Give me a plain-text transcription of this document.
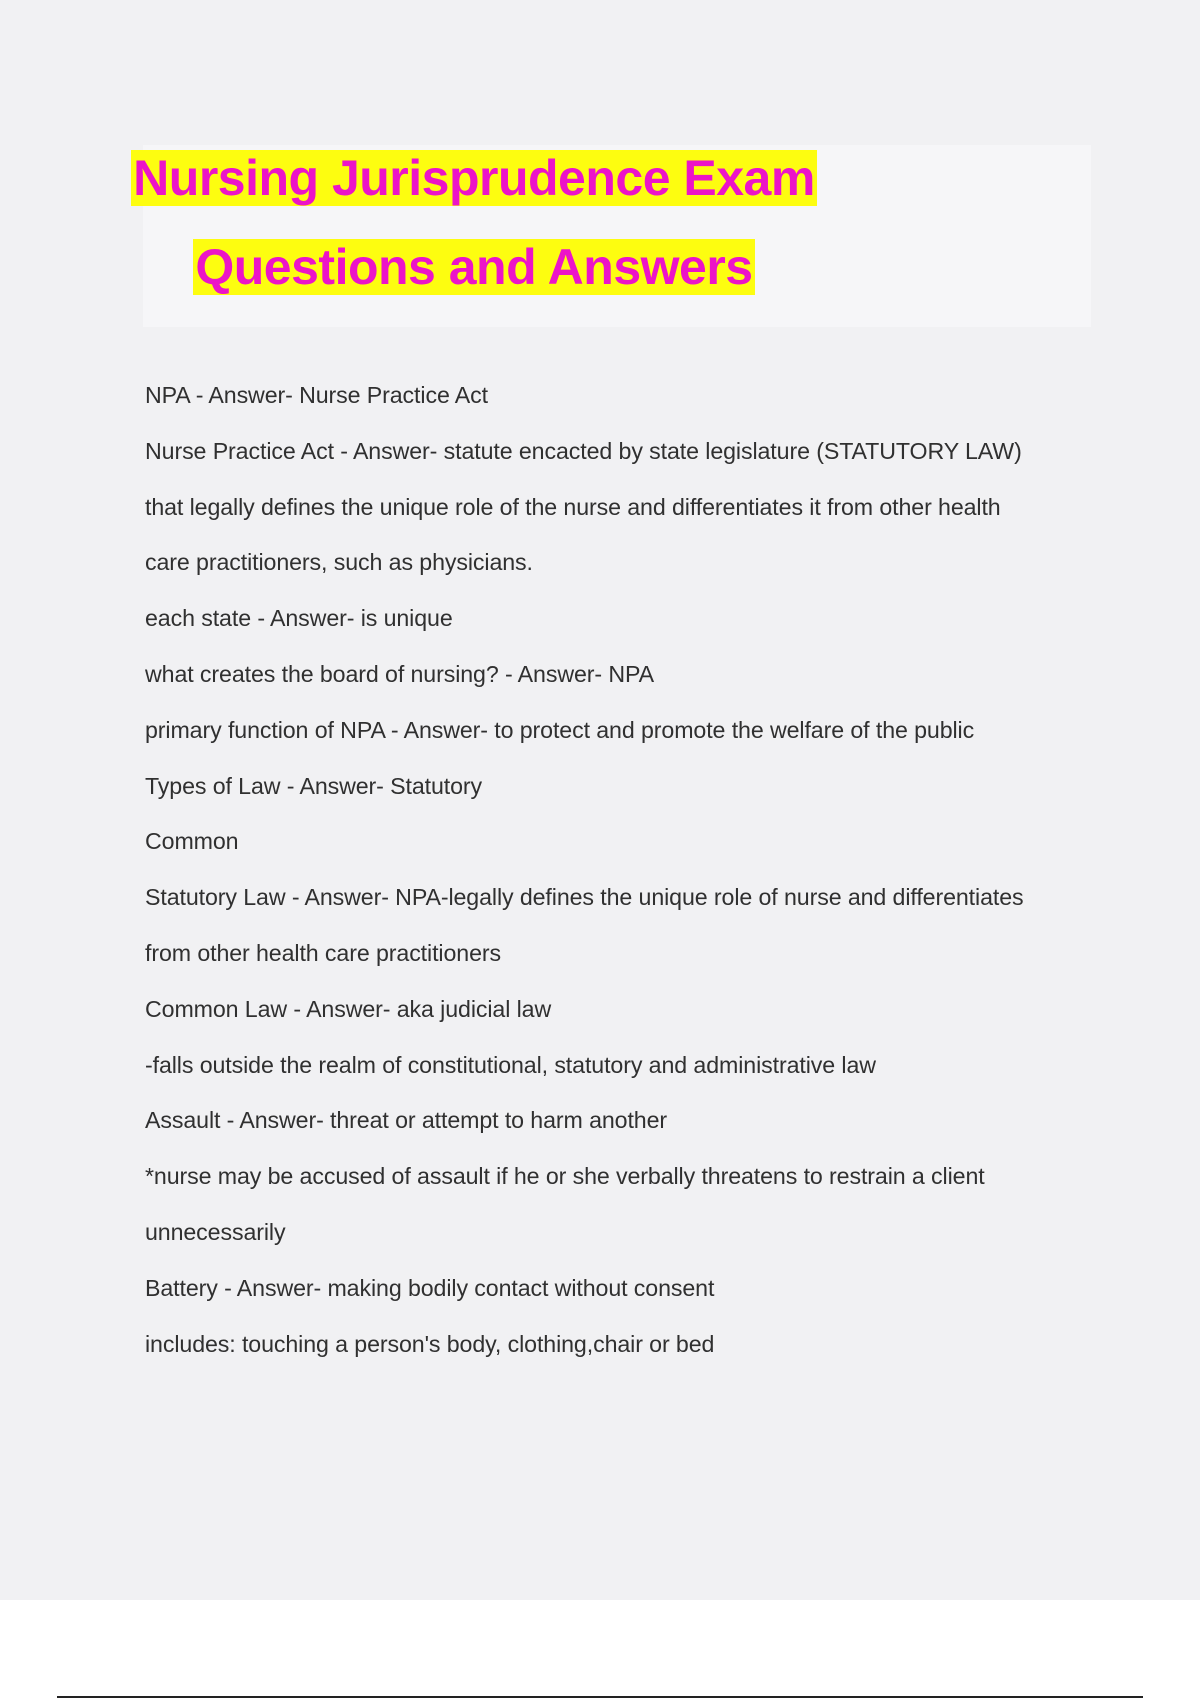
Nursing Jurisprudence Exam
Questions and Answers
NPA - Answer- Nurse Practice Act
Nurse Practice Act - Answer- statute encacted by state legislature (STATUTORY LAW)
that legally defines the unique role of the nurse and differentiates it from other health
care practitioners, such as physicians.
each state - Answer- is unique
what creates the board of nursing? - Answer- NPA
primary function of NPA - Answer- to protect and promote the welfare of the public
Types of Law - Answer- Statutory
Common
Statutory Law - Answer- NPA-legally defines the unique role of nurse and differentiates
from other health care practitioners
Common Law - Answer- aka judicial law
-falls outside the realm of constitutional, statutory and administrative law
Assault - Answer- threat or attempt to harm another
*nurse may be accused of assault if he or she verbally threatens to restrain a client
unnecessarily
Battery - Answer- making bodily contact without consent
includes: touching a person's body, clothing,chair or bed
